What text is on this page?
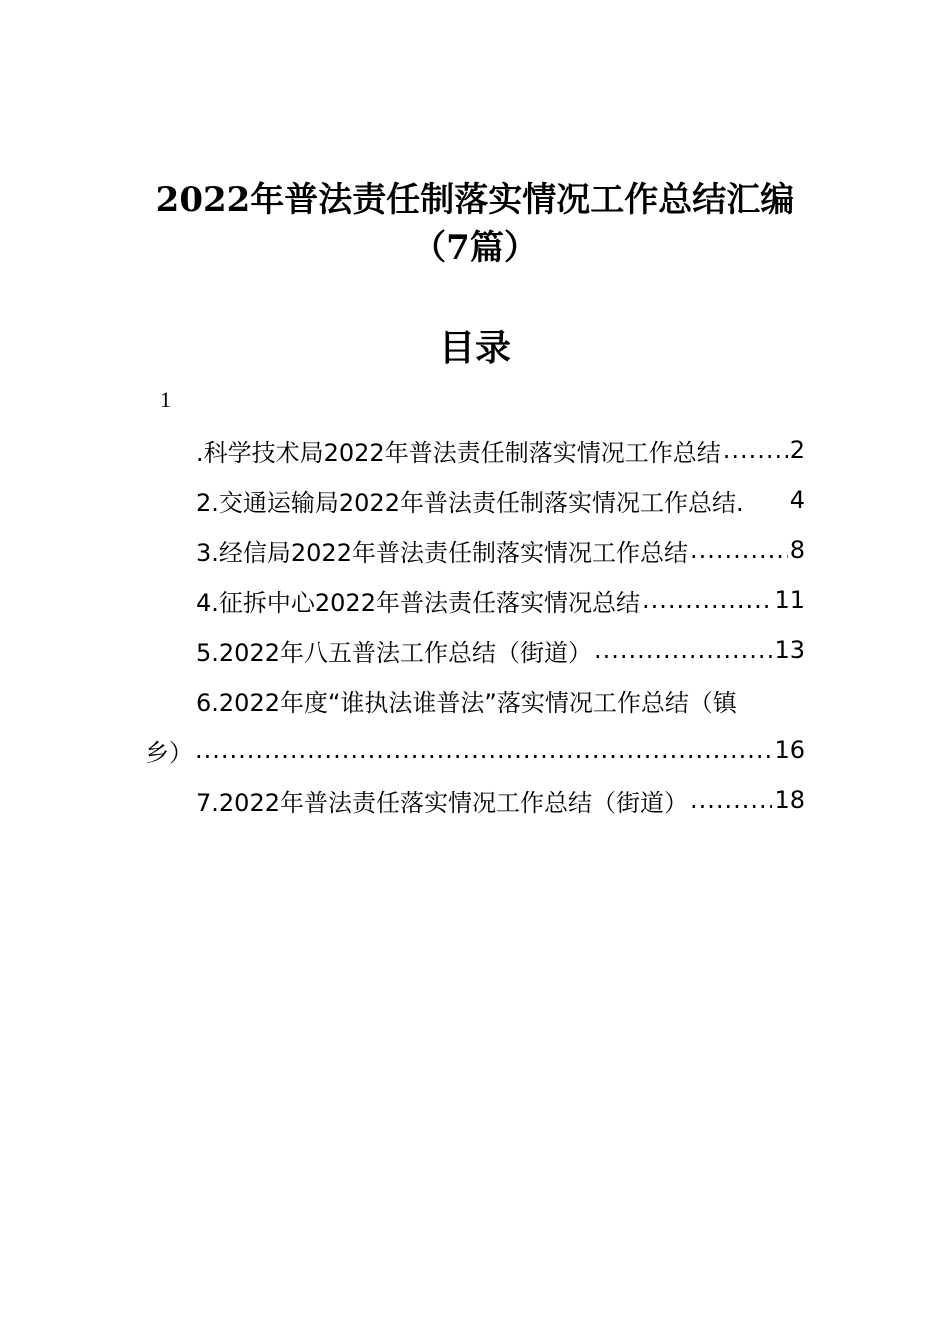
2022年普法责任制落实情况工作总结汇编
（7篇）
目录
1
.科学技术局2022年普法责任制落实情况工作总结 .....	2
2.交通运输局2022年普法责任制落实情况工作总结. 4
3.经信局2022年普法责任制落实情况工作总结 .....	8
4.征拆中心2022年普法责任落实情况总结 .....	11
5.2022年八五普法工作总结（街道） .....	13
6.2022年度“谁执法谁普法”落实情况工作总结（镇
乡） .....	16
7.2022年普法责任落实情况工作总结（街道） .....	18
